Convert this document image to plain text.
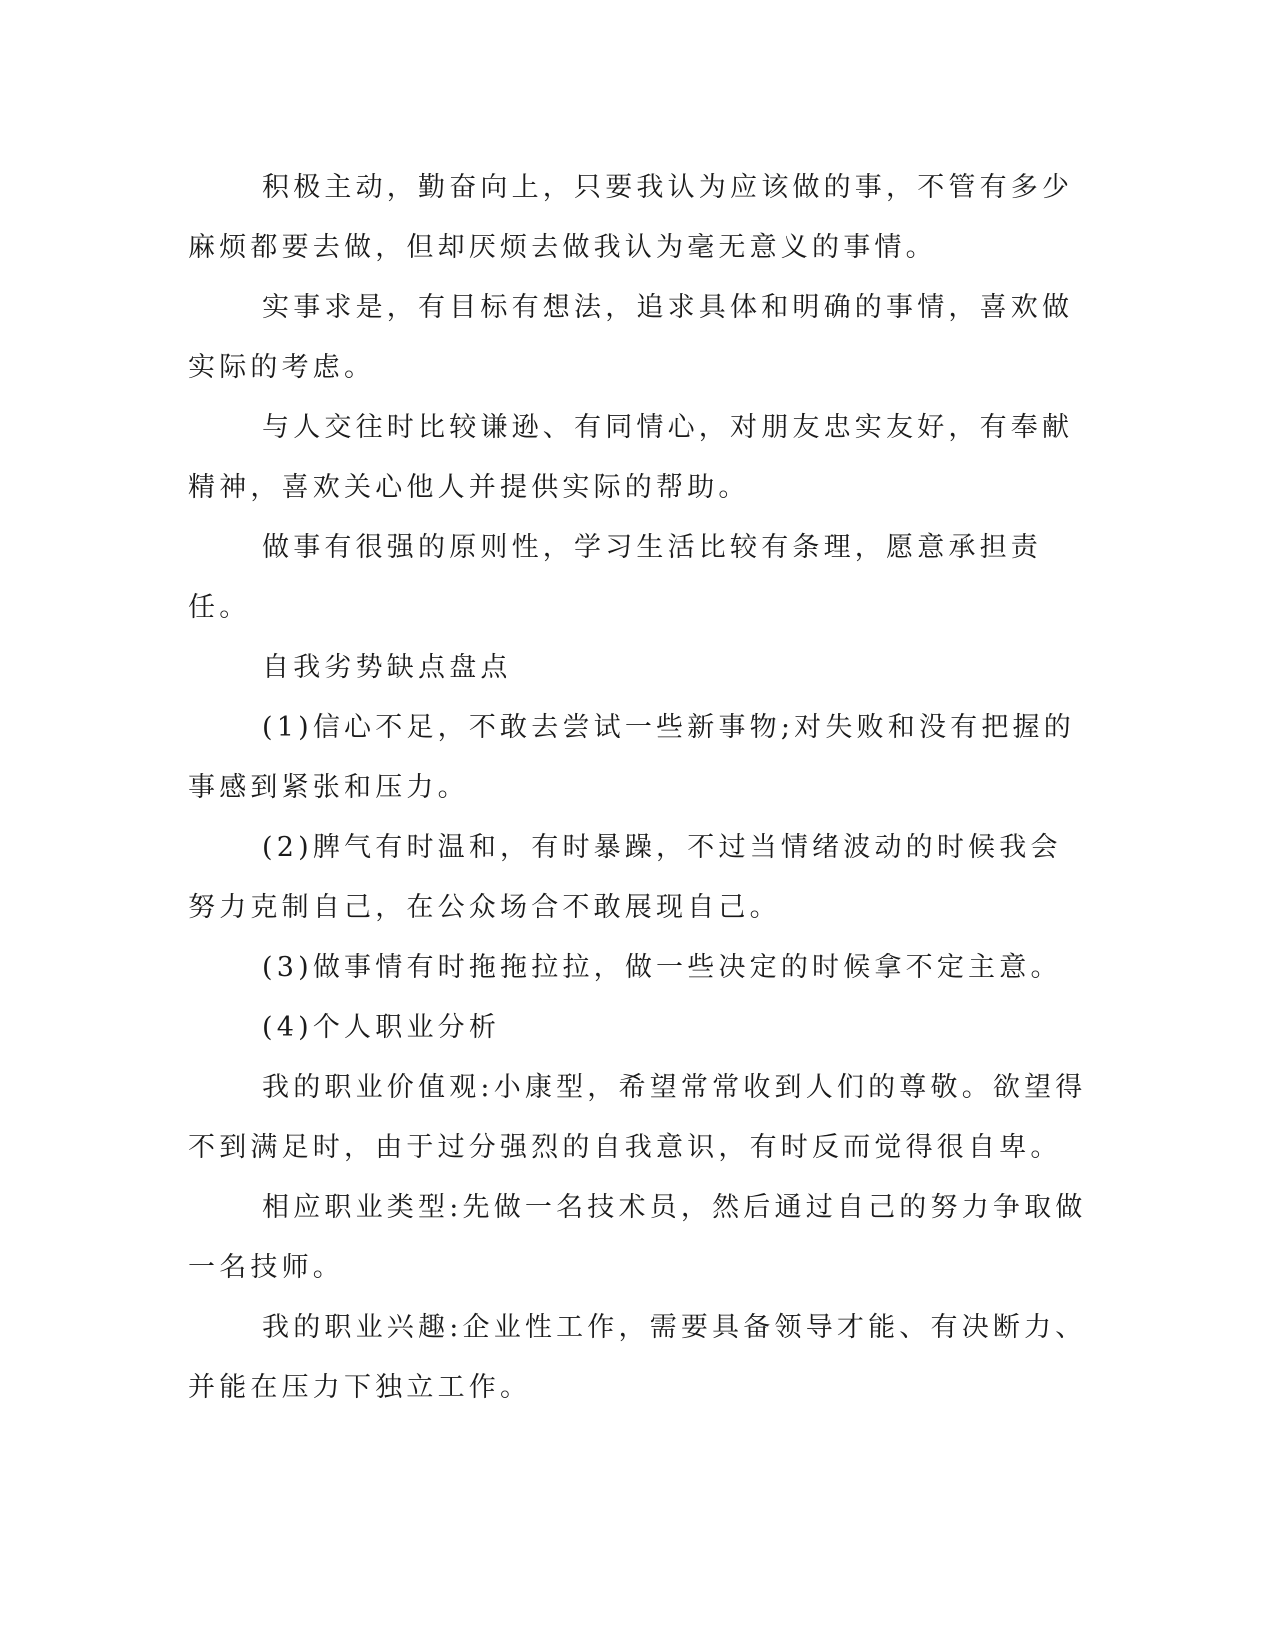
积极主动，勤奋向上，只要我认为应该做的事，不管有多少麻烦都要去做，但却厌烦去做我认为毫无意义的事情。

实事求是，有目标有想法，追求具体和明确的事情，喜欢做实际的考虑。

与人交往时比较谦逊、有同情心，对朋友忠实友好，有奉献精神，喜欢关心他人并提供实际的帮助。

做事有很强的原则性，学习生活比较有条理，愿意承担责任。

自我劣势缺点盘点

(1)信心不足，不敢去尝试一些新事物;对失败和没有把握的事感到紧张和压力。

(2)脾气有时温和，有时暴躁，不过当情绪波动的时候我会努力克制自己，在公众场合不敢展现自己。

(3)做事情有时拖拖拉拉，做一些决定的时候拿不定主意。

(4)个人职业分析

我的职业价值观:小康型，希望常常收到人们的尊敬。欲望得不到满足时，由于过分强烈的自我意识，有时反而觉得很自卑。

相应职业类型:先做一名技术员，然后通过自己的努力争取做一名技师。

我的职业兴趣:企业性工作，需要具备领导才能、有决断力、并能在压力下独立工作。
